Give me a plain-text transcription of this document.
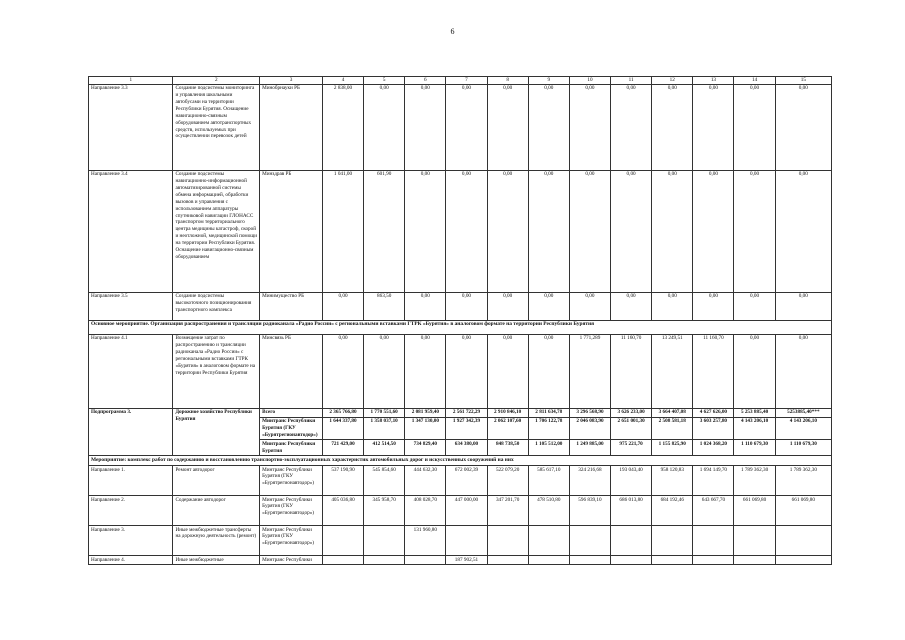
6
1	2	3	4	5	6	7	8	9	10	11	12	13	14	15
Направление 3.3	Создание подсистемы мониторинга и управления школьными автобусами на территории Республики Бурятия. Оснащение навигационно-связным оборудованием автотранспортных средств, используемых при осуществлении перевозок детей	Минобрнауки РБ	2 838,00	0,00	0,00	0,00	0,00	0,00	0,00	0,00	0,00	0,00	0,00	0,00
Направление 3.4	Создание подсистемы навигационно-информационной автоматизированной системы обмена информацией, обработки вызовов и управления с использованием аппаратуры спутниковой навигации ГЛОНАСС транспортом территориального центра медицины катастроф, скорой и неотложной, медицинской помощи на территории Республики Бурятия. Оснащение навигационно-связным оборудованием	Минздрав РБ	1 041,00	601,90	0,00	0,00	0,00	0,00	0,00	0,00	0,00	0,00	0,00	0,00
Направление 3.5	Создание подсистемы высокоточного позиционирования транспортного комплекса	Минимущество РБ	0,00	863,50	0,00	0,00	0,00	0,00	0,00	0,00	0,00	0,00	0,00	0,00
Основное мероприятие. Организация распространения и трансляции радиоканала «Радио России» с региональными вставками ГТРК «Бурятия» в аналоговом формате на территории Республики Бурятия														
Направление 4.1	Возмещение затрат по распространению и трансляции радиоканала «Радио России» с региональными вставками ГТРК «Бурятия» в аналоговом формате на территории Республики Бурятия	Минсвязь РБ	0,00	0,00	0,00	0,00	0,00	0,00	1 771,289	11 160,70	13 249,51	11 160,70	0,00	0,00
Подпрограмма 3.	Дорожное хозяйство Республики Бурятия	Всего	2 365 766,80	1 770 551,60	2 081 959,40	2 561 722,29	2 910 846,10	2 811 634,78	3 296 568,90	3 626 233,00	3 664 407,08	4 627 626,00	5 253 885,40	5253885,40***
		Минтранс Республики Бурятия (ГКУ «Бурятрегионавтодор»)	1 644 337,80	1 358 037,10	1 347 130,00	1 927 342,39	2 062 107,60	1 706 122,78	2 046 083,90	2 651 001,30	2 508 581,18	3 603 257,80	4 143 206,10	4 143 206,10
		Минтранс Республики Бурятия	721 429,00	412 514,50	734 829,40	634 380,00	848 738,50	1 105 512,00	1 249 885,00	975 221,70	1 155 825,90	1 024 368,20	1 110 679,30	1 110 679,30
Мероприятие: комплекс работ по содержанию и восстановлению транспортно-эксплуатационных характеристик автомобильных дорог и искусственных сооружений на них														
Направление 1.	Ремонт автодорог	Минтранс Республики Бурятия (ГКУ «Бурятрегионавтодор»)	537 190,90	545 854,60	444 632,30	672 002,39	522 079,20	585 617,10	324 216,68	193 043,40	958 120,83	1 694 149,70	1 789 362,30	1 789 362,30
Направление 2.	Содержание автодорог	Минтранс Республики Бурятия (ГКУ «Бурятрегионавтодор»)	405 036,80	345 958,70	408 028,70	447 000,00	347 201,70	478 510,80	596 839,10	686 013,80	684 192,46	643 667,70	661 069,80	661 069,80
Направление 3.	Иные межбюджетные трансферты на дорожную деятельность (ремонт)	Минтранс Республики Бурятия (ГКУ «Бурятрегионавтодор»)			131 960,80									
Направление 4.	Иные межбюджетные	Минтранс Республики				187 902,51								
